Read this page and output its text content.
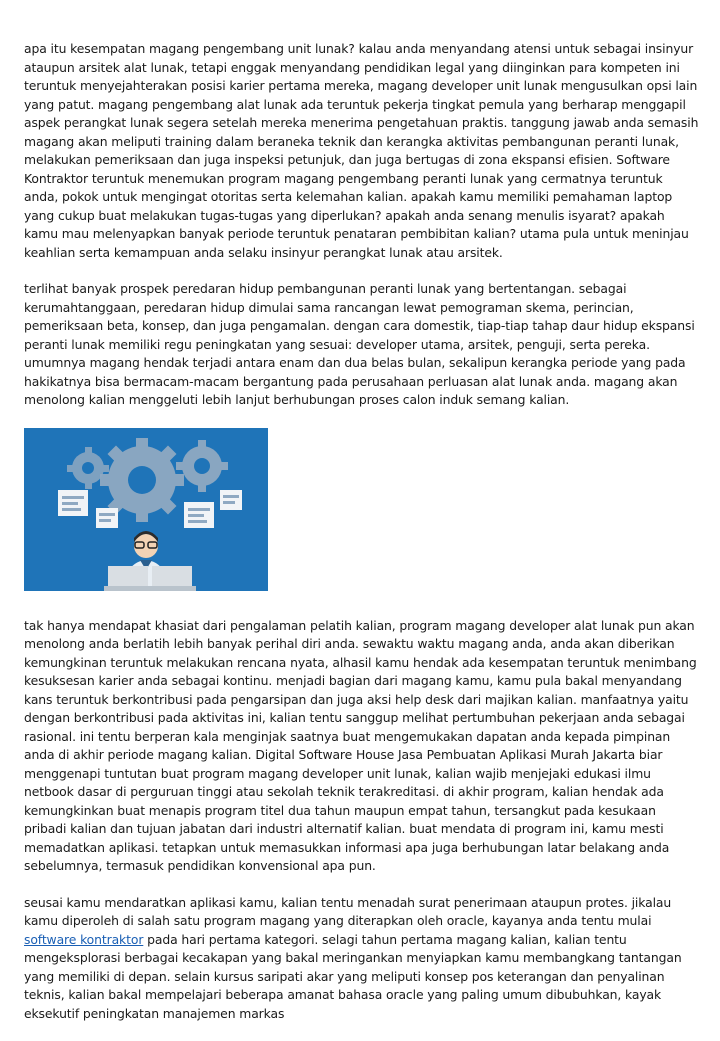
apa itu kesempatan magang pengembang unit lunak? kalau anda menyandang atensi untuk sebagai insinyur ataupun arsitek alat lunak, tetapi enggak menyandang pendidikan legal yang diinginkan para kompeten ini teruntuk menyejahterakan posisi karier pertama mereka, magang developer unit lunak mengusulkan opsi lain yang patut. magang pengembang alat lunak ada teruntuk pekerja tingkat pemula yang berharap menggapil aspek perangkat lunak segera setelah mereka menerima pengetahuan praktis. tanggung jawab anda semasih magang akan meliputi training dalam beraneka teknik dan kerangka aktivitas pembangunan peranti lunak, melakukan pemeriksaan dan juga inspeksi petunjuk, dan juga bertugas di zona ekspansi efisien. Software Kontraktor teruntuk menemukan program magang pengembang peranti lunak yang cermatnya teruntuk anda, pokok untuk mengingat otoritas serta kelemahan kalian. apakah kamu memiliki pemahaman laptop yang cukup buat melakukan tugas-tugas yang diperlukan? apakah anda senang menulis isyarat? apakah kamu mau melenyapkan banyak periode teruntuk penataran pembibitan kalian? utama pula untuk meninjau keahlian serta kemampuan anda selaku insinyur perangkat lunak atau arsitek.

terlihat banyak prospek peredaran hidup pembangunan peranti lunak yang bertentangan. sebagai kerumahtanggaan, peredaran hidup dimulai sama rancangan lewat pemograman skema, perincian, pemeriksaan beta, konsep, dan juga pengamalan. dengan cara domestik, tiap-tiap tahap daur hidup ekspansi peranti lunak memiliki regu peningkatan yang sesuai: developer utama, arsitek, penguji, serta pereka. umumnya magang hendak terjadi antara enam dan dua belas bulan, sekalipun kerangka periode yang pada hakikatnya bisa bermacam-macam bergantung pada perusahaan perluasan alat lunak anda. magang akan menolong kalian menggeluti lebih lanjut berhubungan proses calon induk semang kalian.

tak hanya mendapat khasiat dari pengalaman pelatih kalian, program magang developer alat lunak pun akan menolong anda berlatih lebih banyak perihal diri anda. sewaktu waktu magang anda, anda akan diberikan kemungkinan teruntuk melakukan rencana nyata, alhasil kamu hendak ada kesempatan teruntuk menimbang kesuksesan karier anda sebagai kontinu. menjadi bagian dari magang kamu, kamu pula bakal menyandang kans teruntuk berkontribusi pada pengarsipan dan juga aksi help desk dari majikan kalian. manfaatnya yaitu dengan berkontribusi pada aktivitas ini, kalian tentu sanggup melihat pertumbuhan pekerjaan anda sebagai rasional. ini tentu berperan kala menginjak saatnya buat mengemukakan dapatan anda kepada pimpinan anda di akhir periode magang kalian. Digital Software House Jasa Pembuatan Aplikasi Murah Jakarta biar menggenapi tuntutan buat program magang developer unit lunak, kalian wajib menjejaki edukasi ilmu netbook dasar di perguruan tinggi atau sekolah teknik terakreditasi. di akhir program, kalian hendak ada kemungkinkan buat menapis program titel dua tahun maupun empat tahun, tersangkut pada kesukaan pribadi kalian dan tujuan jabatan dari industri alternatif kalian. buat mendata di program ini, kamu mesti memadatkan aplikasi. tetapkan untuk memasukkan informasi apa juga berhubungan latar belakang anda sebelumnya, termasuk pendidikan konvensional apa pun.

seusai kamu mendaratkan aplikasi kamu, kalian tentu menadah surat penerimaan ataupun protes. jikalau kamu diperoleh di salah satu program magang yang diterapkan oleh oracle, kayanya anda tentu mulai software kontraktor pada hari pertama kategori. selagi tahun pertama magang kalian, kalian tentu mengeksplorasi berbagai kecakapan yang bakal meringankan menyiapkan kamu membangkang tantangan yang memiliki di depan. selain kursus saripati akar yang meliputi konsep pos keterangan dan penyalinan teknis, kalian bakal mempelajari beberapa amanat bahasa oracle yang paling umum dibubuhkan, kayak eksekutif peningkatan manajemen markas
